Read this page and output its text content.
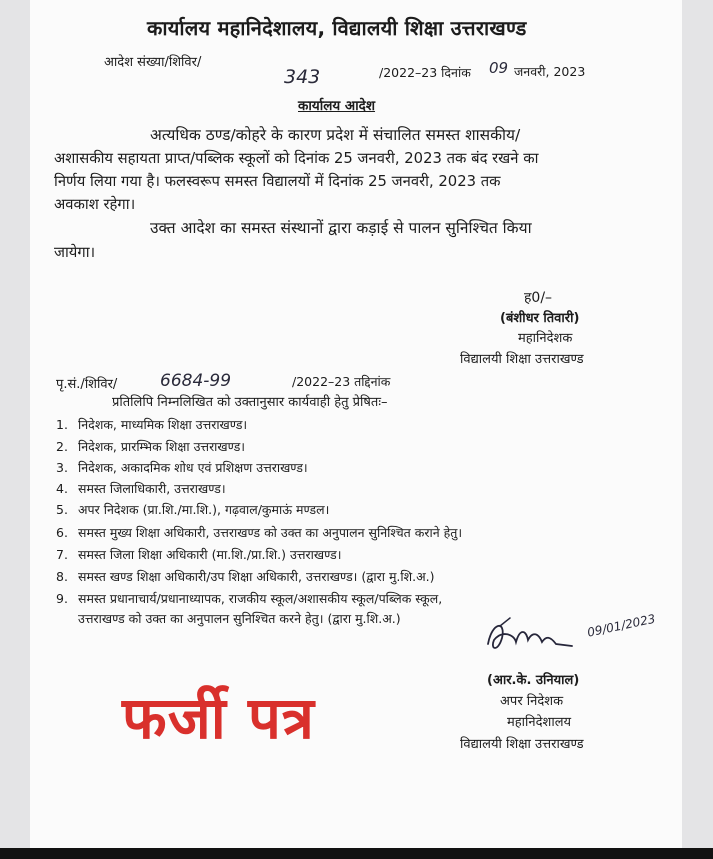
कार्यालय महानिदेशालय, विद्यालयी शिक्षा उत्तराखण्ड
आदेश संख्या/शिविर/
343	/2022–23 दिनांक 09 जनवरी, 2023
कार्यालय आदेश
अत्यधिक ठण्ड/कोहरे के कारण प्रदेश में संचालित समस्त शासकीय/
अशासकीय सहायता प्राप्त/पब्लिक स्कूलों को दिनांक 25 जनवरी, 2023 तक बंद रखने का
निर्णय लिया गया है। फलस्वरूप समस्त विद्यालयों में दिनांक 25 जनवरी, 2023 तक
अवकाश रहेगा।
उक्त आदेश का समस्त संस्थानों द्वारा कड़ाई से पालन सुनिश्चित किया
जायेगा।
ह0/–
(बंशीधर तिवारी)
महानिदेशक
विद्यालयी शिक्षा उत्तराखण्ड
पृ.सं./शिविर/	6684-99	/2022–23 तद्दिनांक
प्रतिलिपि निम्नलिखित को उक्तानुसार कार्यवाही हेतु प्रेषितः–
1. निदेशक, माध्यमिक शिक्षा उत्तराखण्ड।
2. निदेशक, प्रारम्भिक शिक्षा उत्तराखण्ड।
3. निदेशक, अकादमिक शोध एवं प्रशिक्षण उत्तराखण्ड।
4. समस्त जिलाधिकारी, उत्तराखण्ड।
5. अपर निदेशक (प्रा.शि./मा.शि.), गढ़वाल/कुमाऊं मण्डल।
6. समस्त मुख्य शिक्षा अधिकारी, उत्तराखण्ड को उक्त का अनुपालन सुनिश्चित कराने हेतु।
7. समस्त जिला शिक्षा अधिकारी (मा.शि./प्रा.शि.) उत्तराखण्ड।
8. समस्त खण्ड शिक्षा अधिकारी/उप शिक्षा अधिकारी, उत्तराखण्ड। (द्वारा मु.शि.अ.)
9. समस्त प्रधानाचार्य/प्रधानाध्यापक, राजकीय स्कूल/अशासकीय स्कूल/पब्लिक स्कूल,
उत्तराखण्ड को उक्त का अनुपालन सुनिश्चित करने हेतु। (द्वारा मु.शि.अ.)	09/01/2023
(आर.के. उनियाल)
अपर निदेशक
महानिदेशालय
विद्यालयी शिक्षा उत्तराखण्ड
फर्जी पत्र
